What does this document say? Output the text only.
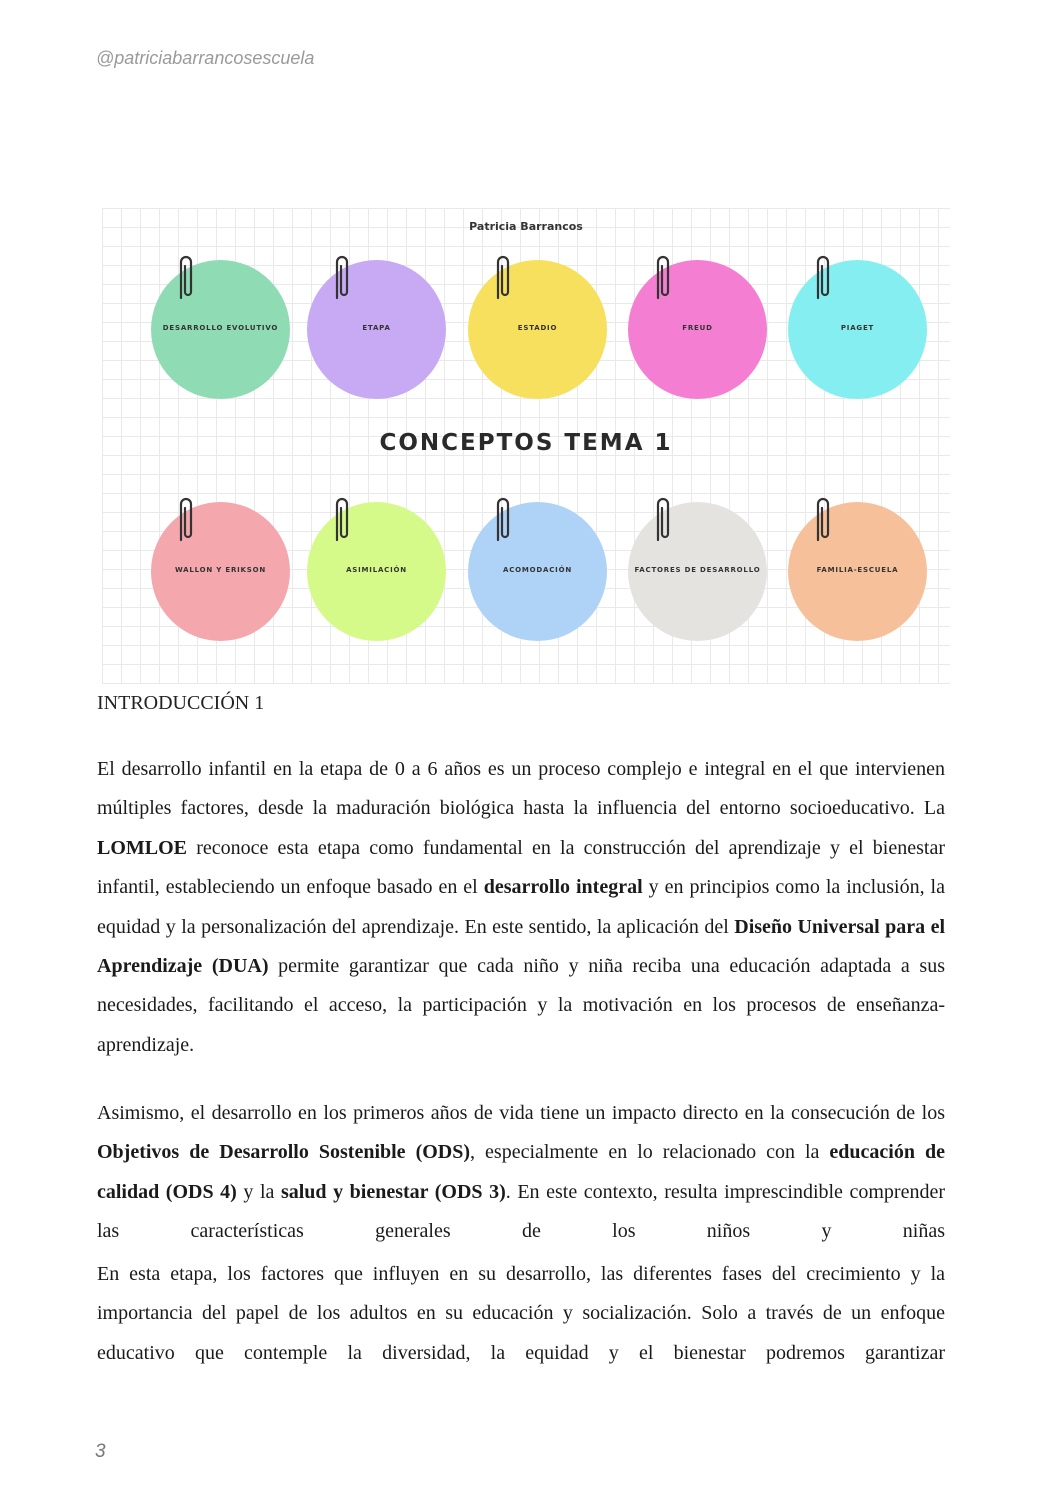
@patriciabarrancosescuela
Patricia Barrancos
DESARROLLO EVOLUTIVO	ETAPA	ESTADIO	FREUD	PIAGET
CONCEPTOS TEMA 1
WALLON Y ERIKSON	ASIMILACIÓN	ACOMODACIÓN	FACTORES DE DESARROLLO	FAMILIA-ESCUELA
INTRODUCCIÓN 1
El desarrollo infantil en la etapa de 0 a 6 años es un proceso complejo e integral en el que intervienen múltiples factores, desde la maduración biológica hasta la influencia del entorno socioeducativo. La LOMLOE reconoce esta etapa como fundamental en la construcción del aprendizaje y el bienestar infantil, estableciendo un enfoque basado en el desarrollo integral y en principios como la inclusión, la equidad y la personalización del aprendizaje. En este sentido, la aplicación del Diseño Universal para el Aprendizaje (DUA) permite garantizar que cada niño y niña reciba una educación adaptada a sus necesidades, facilitando el acceso, la participación y la motivación en los procesos de enseñanza-aprendizaje.
Asimismo, el desarrollo en los primeros años de vida tiene un impacto directo en la consecución de los Objetivos de Desarrollo Sostenible (ODS), especialmente en lo relacionado con la educación de calidad (ODS 4) y la salud y bienestar (ODS 3). En este contexto, resulta imprescindible comprender las características generales de los niños y niñas
En esta etapa, los factores que influyen en su desarrollo, las diferentes fases del crecimiento y la importancia del papel de los adultos en su educación y socialización. Solo a través de un enfoque educativo que contemple la diversidad, la equidad y el bienestar podremos garantizar
3
